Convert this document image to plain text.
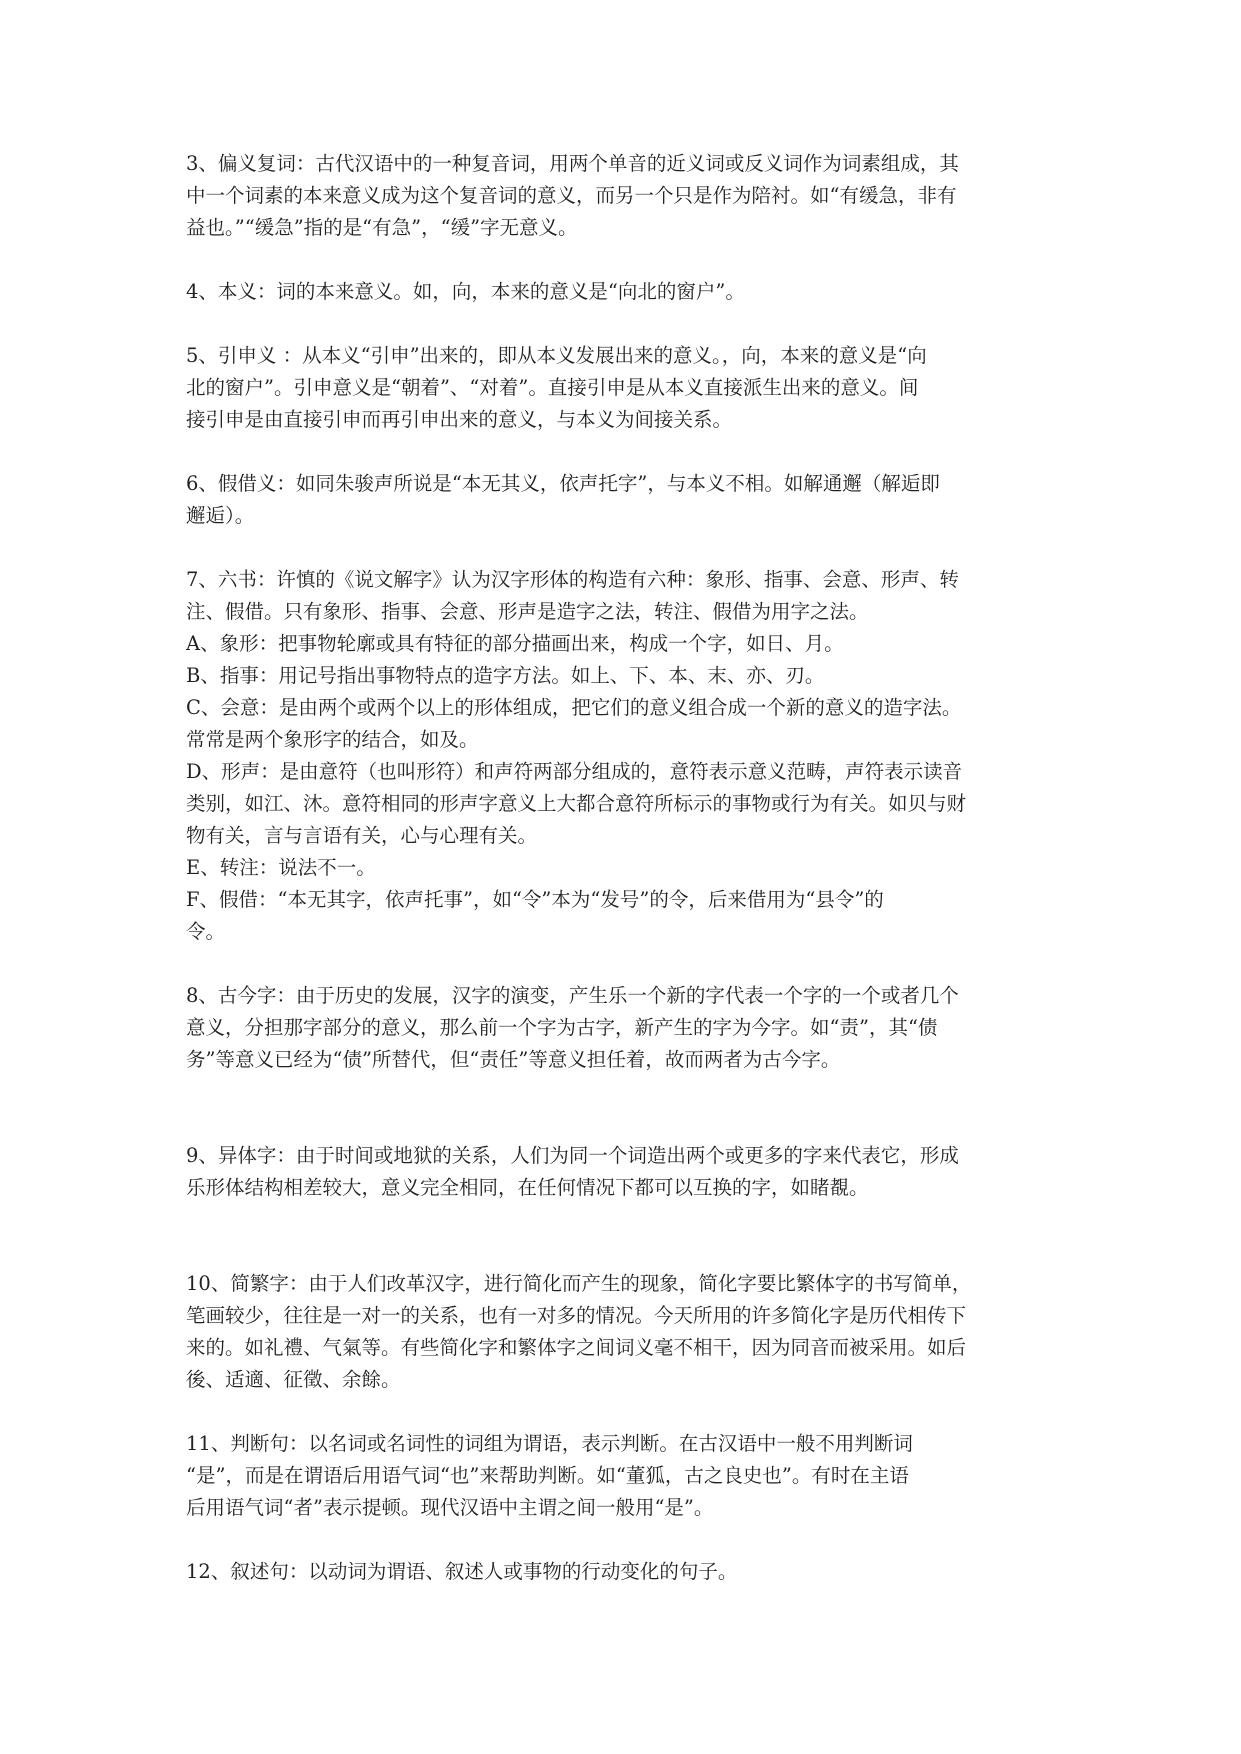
3、偏义复词：古代汉语中的一种复音词，用两个单音的近义词或反义词作为词素组成，其
中一个词素的本来意义成为这个复音词的意义，而另一个只是作为陪衬。如“有缓急，非有
益也。”“缓急”指的是“有急”，“缓”字无意义。
4、本义：词的本来意义。如，向，本来的意义是“向北的窗户”。
5、引申义 ：从本义“引申”出来的，即从本义发展出来的意义。，向，本来的意义是“向
北的窗户”。引申意义是“朝着”、“对着”。直接引申是从本义直接派生出来的意义。间
接引申是由直接引申而再引申出来的意义，与本义为间接关系。
6、假借义：如同朱骏声所说是“本无其义，依声托字”，与本义不相。如解通邂（解逅即
邂逅）。
7、六书：许慎的《说文解字》认为汉字形体的构造有六种：象形、指事、会意、形声、转
注、假借。只有象形、指事、会意、形声是造字之法，转注、假借为用字之法。
A、象形：把事物轮廓或具有特征的部分描画出来，构成一个字，如日、月。
B、指事：用记号指出事物特点的造字方法。如上、下、本、末、亦、刃。
C、会意：是由两个或两个以上的形体组成，把它们的意义组合成一个新的意义的造字法。
常常是两个象形字的结合，如及。
D、形声：是由意符（也叫形符）和声符两部分组成的，意符表示意义范畴，声符表示读音
类别，如江、沐。意符相同的形声字意义上大都合意符所标示的事物或行为有关。如贝与财
物有关，言与言语有关，心与心理有关。
E、转注：说法不一。
F、假借：“本无其字，依声托事”，如“令”本为“发号”的令，后来借用为“县令”的
令。
8、古今字：由于历史的发展，汉字的演变，产生乐一个新的字代表一个字的一个或者几个
意义，分担那字部分的意义，那么前一个字为古字，新产生的字为今字。如“责”，其“债
务”等意义已经为“债”所替代，但“责任”等意义担任着，故而两者为古今字。
9、异体字：由于时间或地狱的关系，人们为同一个词造出两个或更多的字来代表它，形成
乐形体结构相差较大，意义完全相同，在任何情况下都可以互换的字，如睹覩。
10、简繁字：由于人们改革汉字，进行简化而产生的现象，简化字要比繁体字的书写简单，
笔画较少，往往是一对一的关系，也有一对多的情况。今天所用的许多简化字是历代相传下
来的。如礼禮、气氣等。有些简化字和繁体字之间词义毫不相干，因为同音而被采用。如后
後、适適、征徵、余餘。
11、判断句：以名词或名词性的词组为谓语，表示判断。在古汉语中一般不用判断词
“是”，而是在谓语后用语气词“也”来帮助判断。如“董狐，古之良史也”。有时在主语
后用语气词“者”表示提顿。现代汉语中主谓之间一般用“是”。
12、叙述句：以动词为谓语、叙述人或事物的行动变化的句子。
